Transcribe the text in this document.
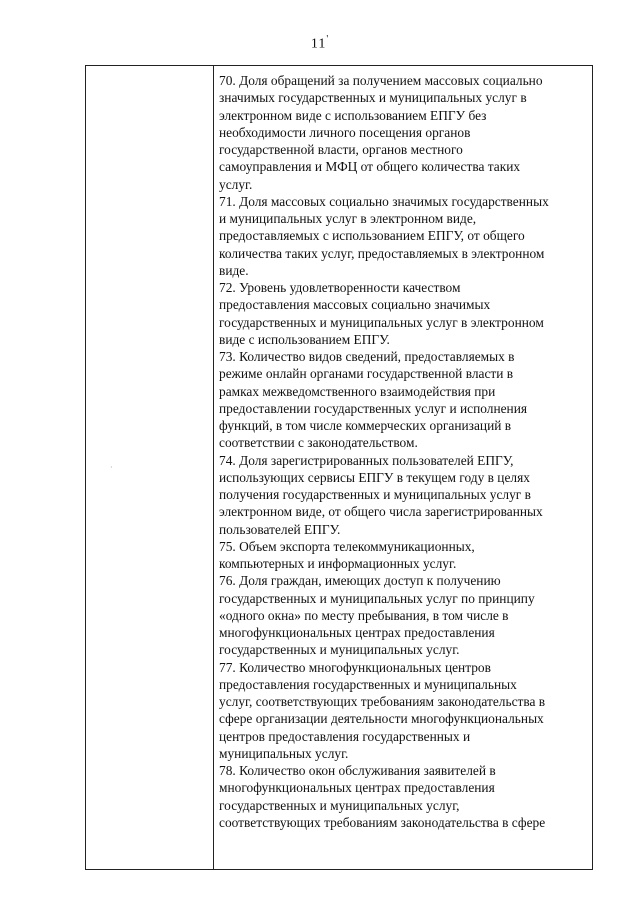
11'
·
70. Доля обращений за получением массовых социально
значимых государственных и муниципальных услуг в
электронном виде с использованием ЕПГУ без
необходимости личного посещения органов
государственной власти, органов местного
самоуправления и МФЦ от общего количества таких
услуг.
71. Доля массовых социально значимых государственных
и муниципальных услуг в электронном виде,
предоставляемых с использованием ЕПГУ, от общего
количества таких услуг, предоставляемых в электронном
виде.
72. Уровень удовлетворенности качеством
предоставления массовых социально значимых
государственных и муниципальных услуг в электронном
виде с использованием ЕПГУ.
73. Количество видов сведений, предоставляемых в
режиме онлайн органами государственной власти в
рамках межведомственного взаимодействия при
предоставлении государственных услуг и исполнения
функций, в том числе коммерческих организаций в
соответствии с законодательством.
74. Доля зарегистрированных пользователей ЕПГУ,
использующих сервисы ЕПГУ в текущем году в целях
получения государственных и муниципальных услуг в
электронном виде, от общего числа зарегистрированных
пользователей ЕПГУ.
75. Объем экспорта телекоммуникационных,
компьютерных и информационных услуг.
76. Доля граждан, имеющих доступ к получению
государственных и муниципальных услуг по принципу
«одного окна» по месту пребывания, в том числе в
многофункциональных центрах предоставления
государственных и муниципальных услуг.
77. Количество многофункциональных центров
предоставления государственных и муниципальных
услуг, соответствующих требованиям законодательства в
сфере организации деятельности многофункциональных
центров предоставления государственных и
муниципальных услуг.
78. Количество окон обслуживания заявителей в
многофункциональных центрах предоставления
государственных и муниципальных услуг,
соответствующих требованиям законодательства в сфере
